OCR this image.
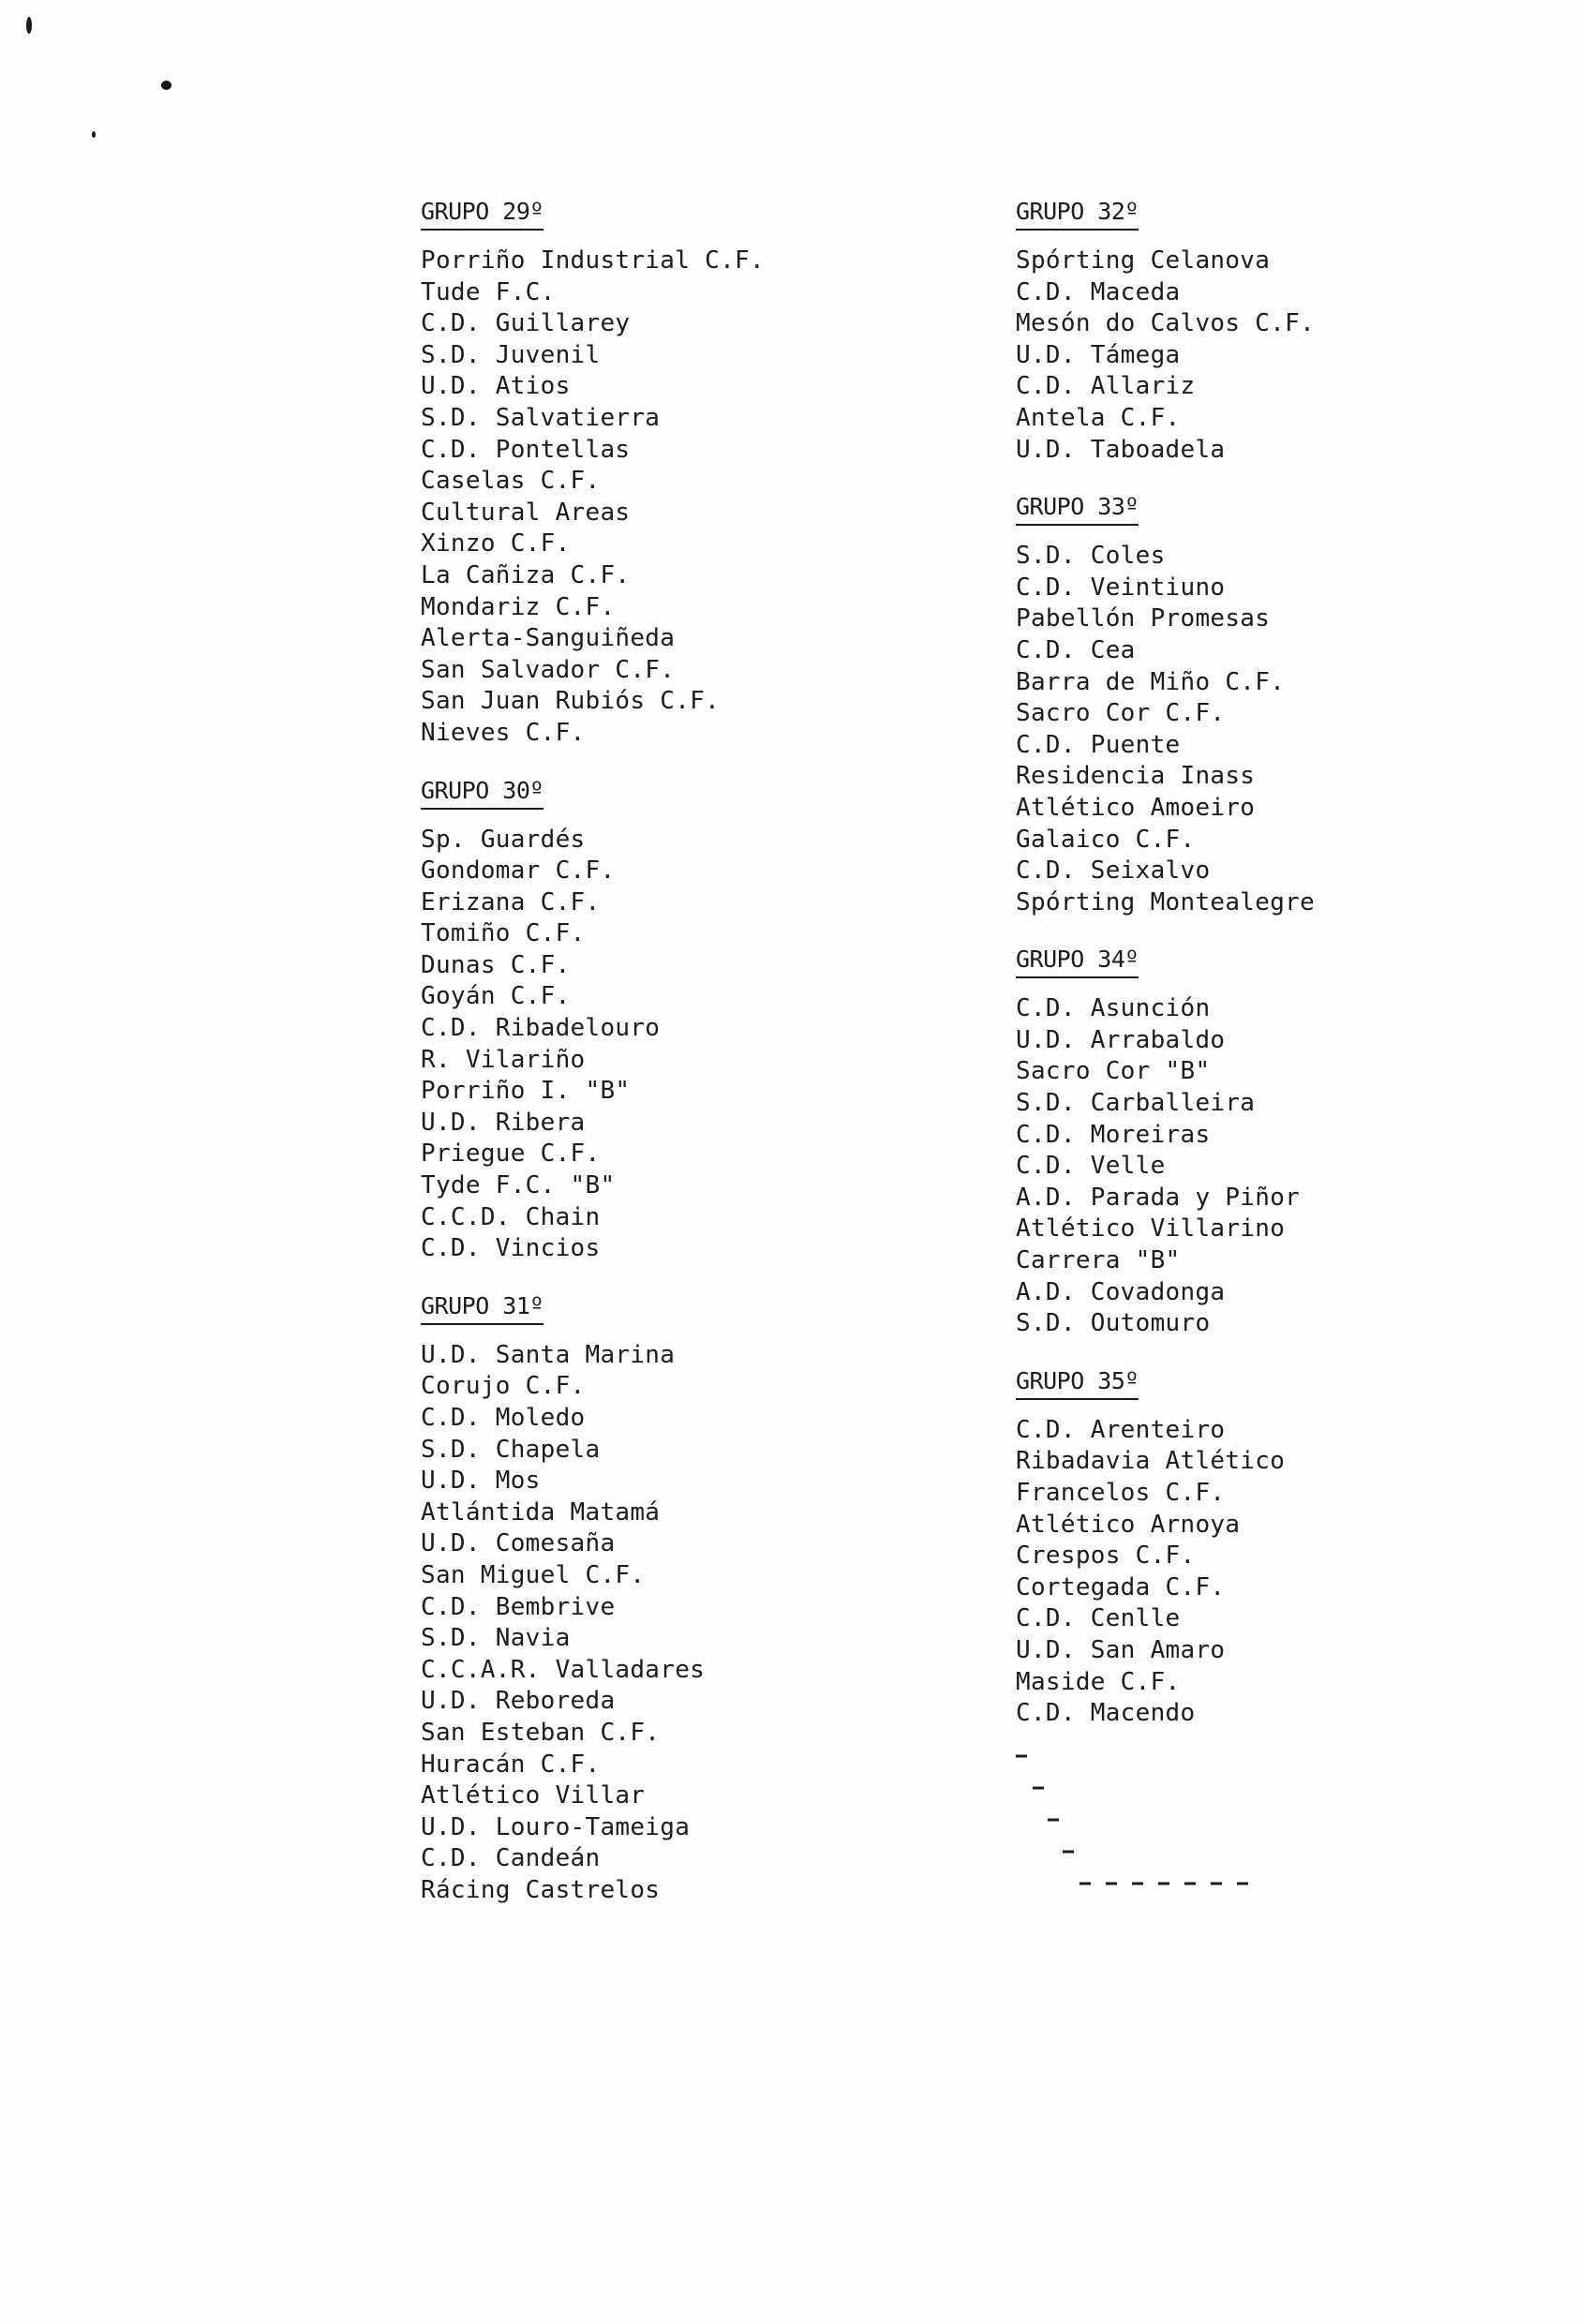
GRUPO 29º
Porriño Industrial C.F.
Tude F.C.
C.D. Guillarey
S.D. Juvenil
U.D. Atios
S.D. Salvatierra
C.D. Pontellas
Caselas C.F.
Cultural Areas
Xinzo C.F.
La Cañiza C.F.
Mondariz C.F.
Alerta-Sanguiñeda
San Salvador C.F.
San Juan Rubiós C.F.
Nieves C.F.
GRUPO 30º
Sp. Guardés
Gondomar C.F.
Erizana C.F.
Tomiño C.F.
Dunas C.F.
Goyán C.F.
C.D. Ribadelouro
R. Vilariño
Porriño I. "B"
U.D. Ribera
Priegue C.F.
Tyde F.C. "B"
C.C.D. Chain
C.D. Vincios
GRUPO 31º
U.D. Santa Marina
Corujo C.F.
C.D. Moledo
S.D. Chapela
U.D. Mos
Atlántida Matamá
U.D. Comesaña
San Miguel C.F.
C.D. Bembrive
S.D. Navia
C.C.A.R. Valladares
U.D. Reboreda
San Esteban C.F.
Huracán C.F.
Atlético Villar
U.D. Louro-Tameiga
C.D. Candeán
Rácing Castrelos
GRUPO 32º
Spórting Celanova
C.D. Maceda
Mesón do Calvos C.F.
U.D. Támega
C.D. Allariz
Antela C.F.
U.D. Taboadela
GRUPO 33º
S.D. Coles
C.D. Veintiuno
Pabellón Promesas
C.D. Cea
Barra de Miño C.F.
Sacro Cor C.F.
C.D. Puente
Residencia Inass
Atlético Amoeiro
Galaico C.F.
C.D. Seixalvo
Spórting Montealegre
GRUPO 34º
C.D. Asunción
U.D. Arrabaldo
Sacro Cor "B"
S.D. Carballeira
C.D. Moreiras
C.D. Velle
A.D. Parada y Piñor
Atlético Villarino
Carrera "B"
A.D. Covadonga
S.D. Outomuro
GRUPO 35º
C.D. Arenteiro
Ribadavia Atlético
Francelos C.F.
Atlético Arnoya
Crespos C.F.
Cortegada C.F.
C.D. Cenlle
U.D. San Amaro
Maside C.F.
C.D. Macendo
